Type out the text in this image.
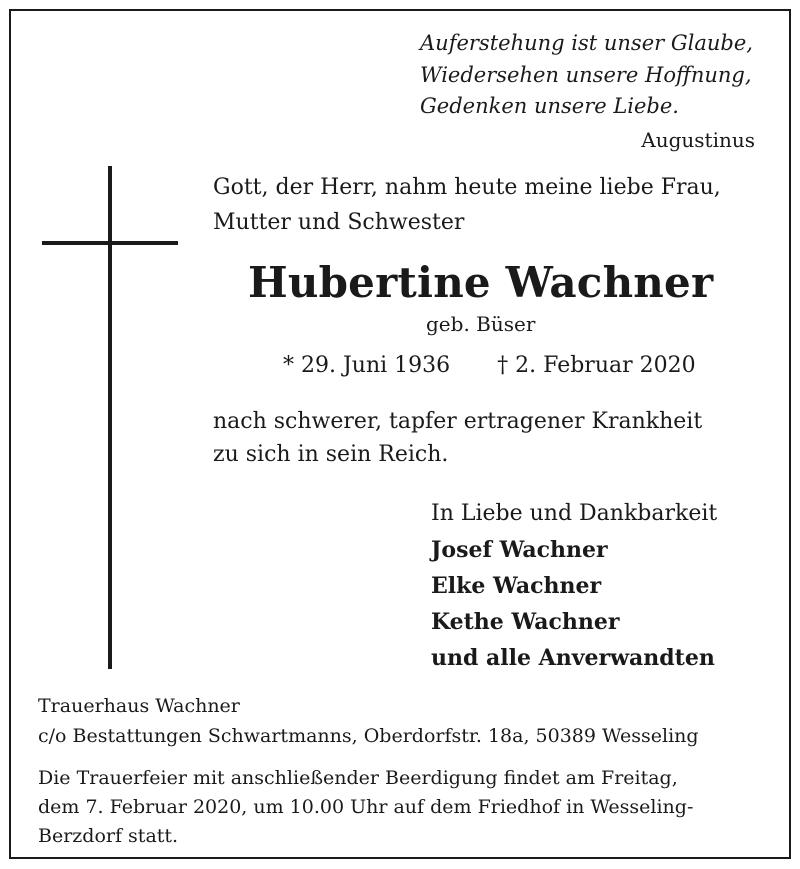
Auferstehung ist unser Glaube,
Wiedersehen unsere Hoffnung,
Gedenken unsere Liebe.
Augustinus
Gott, der Herr, nahm heute meine liebe Frau,
Mutter und Schwester
Hubertine Wachner
geb. Büser
* 29. Juni 1936 † 2. Februar 2020
nach schwerer, tapfer ertragener Krankheit
zu sich in sein Reich.
In Liebe und Dankbarkeit
Josef Wachner
Elke Wachner
Kethe Wachner
und alle Anverwandten
Trauerhaus Wachner
c/o Bestattungen Schwartmanns, Oberdorfstr. 18a, 50389 Wesseling
Die Trauerfeier mit anschließender Beerdigung findet am Freitag,
dem 7. Februar 2020, um 10.00 Uhr auf dem Friedhof in Wesseling-
Berzdorf statt.
